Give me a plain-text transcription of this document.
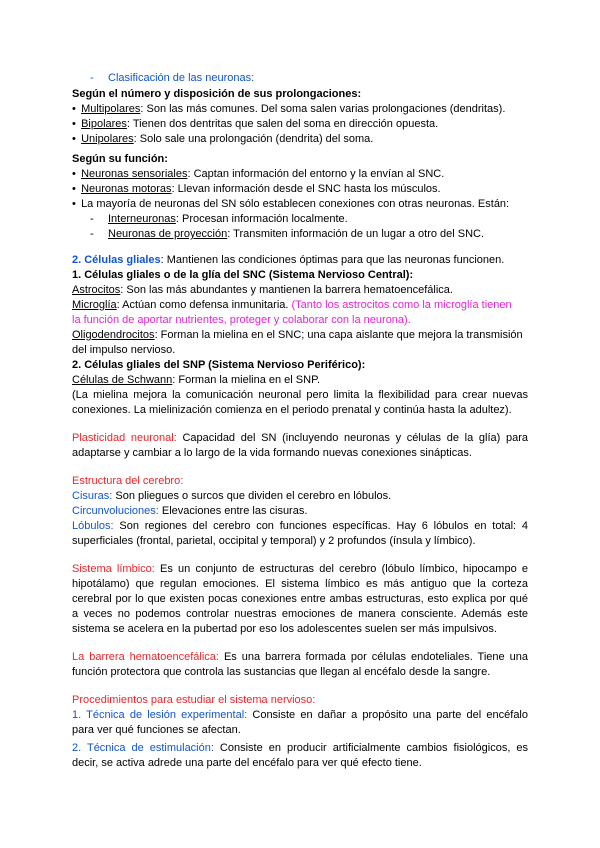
- Clasificación de las neuronas:
Según el número y disposición de sus prolongaciones:
• Multipolares: Son las más comunes. Del soma salen varias prolongaciones (dendritas).
• Bipolares: Tienen dos dentritas que salen del soma en dirección opuesta.
• Unipolares: Solo sale una prolongación (dendrita) del soma.
Según su función:
• Neuronas sensoriales: Captan información del entorno y la envían al SNC.
• Neuronas motoras: Llevan información desde el SNC hasta los músculos.
• La mayoría de neuronas del SN sólo establecen conexiones con otras neuronas. Están:
- Interneuronas: Procesan información localmente.
- Neuronas de proyección: Transmiten información de un lugar a otro del SNC.
2. Células gliales: Mantienen las condiciones óptimas para que las neuronas funcionen.
1. Células gliales o de la glía del SNC (Sistema Nervioso Central):
Astrocitos: Son las más abundantes y mantienen la barrera hematoencefálica.
Microglía: Actúan como defensa inmunitaria. (Tanto los astrocitos como la microglía tienen
la función de aportar nutrientes, proteger y colaborar con la neurona).
Oligodendrocitos: Forman la mielina en el SNC; una capa aislante que mejora la transmisión
del impulso nervioso.
2. Células gliales del SNP (Sistema Nervioso Periférico):
Células de Schwann: Forman la mielina en el SNP.
(La mielina mejora la comunicación neuronal pero limita la flexibilidad para crear nuevas
conexiones. La mielinización comienza en el periodo prenatal y continúa hasta la adultez).
Plasticidad neuronal: Capacidad del SN (incluyendo neuronas y células de la glía) para
adaptarse y cambiar a lo largo de la vida formando nuevas conexiones sinápticas.
Estructura del cerebro:
Cisuras: Son pliegues o surcos que dividen el cerebro en lóbulos.
Circunvoluciones: Elevaciones entre las cisuras.
Lóbulos: Son regiones del cerebro con funciones específicas. Hay 6 lóbulos en total: 4
superficiales (frontal, parietal, occipital y temporal) y 2 profundos (ínsula y límbico).
Sistema límbico: Es un conjunto de estructuras del cerebro (lóbulo límbico, hipocampo e
hipotálamo) que regulan emociones. El sistema límbico es más antiguo que la corteza
cerebral por lo que existen pocas conexiones entre ambas estructuras, esto explica por qué
a veces no podemos controlar nuestras emociones de manera consciente. Además este
sistema se acelera en la pubertad por eso los adolescentes suelen ser más impulsivos.
La barrera hematoencefálica: Es una barrera formada por células endoteliales. Tiene una
función protectora que controla las sustancias que llegan al encéfalo desde la sangre.
Procedimientos para estudiar el sistema nervioso:
1. Técnica de lesión experimental: Consiste en dañar a propósito una parte del encéfalo
para ver qué funciones se afectan.
2. Técnica de estimulación: Consiste en producir artificialmente cambios fisiológicos, es
decir, se activa adrede una parte del encéfalo para ver qué efecto tiene.
